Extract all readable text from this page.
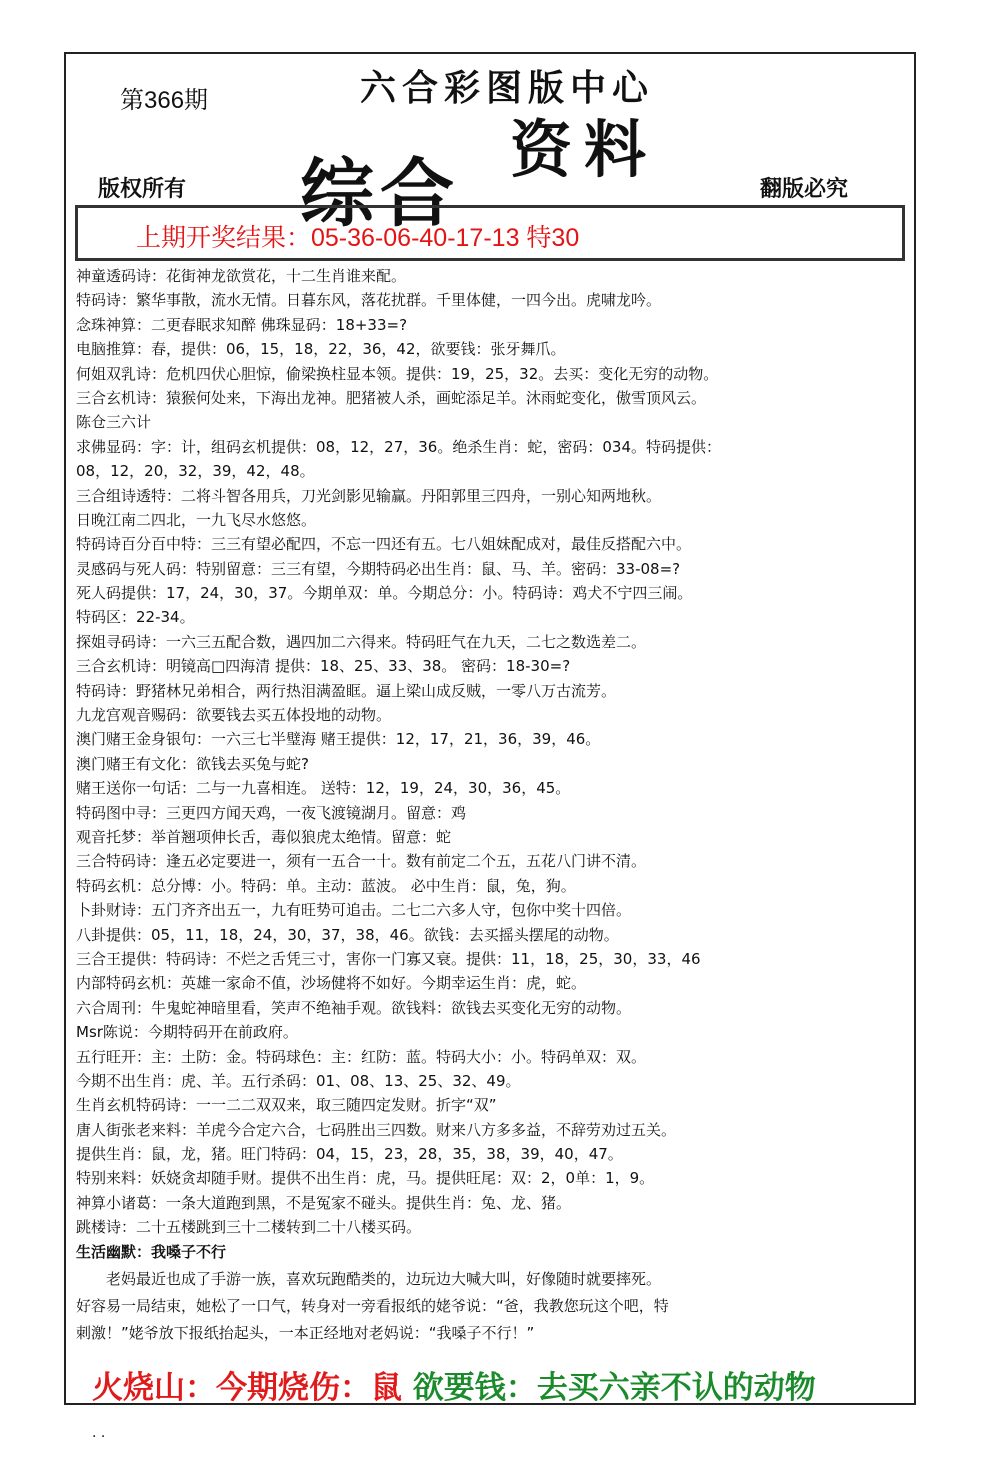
第366期	六合彩图版中心
综合
资料
版权所有	翻版必究
上期开奖结果：05-36-06-40-17-13 特30
神童透码诗：花街神龙欲赏花，十二生肖谁来配。
特码诗：繁华事散，流水无情。日暮东风，落花扰群。千里体健，一四今出。虎啸龙吟。
念珠神算：二更春眠求知醉 佛珠显码：18+33=?
电脑推算：春，提供：06，15，18，22，36，42，欲要钱：张牙舞爪。
何姐双乳诗：危机四伏心胆惊，偷梁换柱显本领。提供：19，25，32。去买：变化无穷的动物。
三合玄机诗：猿猴何处来，下海出龙神。肥猪被人杀，画蛇添足羊。沐雨蛇变化，傲雪顶风云。
陈仓三六计
求佛显码：字：计，组码玄机提供：08，12，27，36。绝杀生肖：蛇，密码：034。特码提供：
08，12，20，32，39，42，48。
三合组诗透特：二将斗智各用兵，刀光剑影见输赢。丹阳郭里三四舟，一别心知两地秋。
日晚江南二四北，一九飞尽水悠悠。
特码诗百分百中特：三三有望必配四，不忘一四还有五。七八姐妹配成对，最佳反搭配六中。
灵感码与死人码：特别留意：三三有望，今期特码必出生肖：鼠、马、羊。密码：33-08=?
死人码提供：17，24，30，37。今期单双：单。今期总分：小。特码诗：鸡犬不宁四三闹。
特码区：22-34。
探姐寻码诗：一六三五配合数，遇四加二六得来。特码旺气在九天，二七之数选差二。
三合玄机诗：明镜高□四海清 提供：18、25、33、38。 密码：18-30=?
特码诗：野猪林兄弟相合，两行热泪满盈眶。逼上梁山成反贼，一零八万古流芳。
九龙宫观音赐码：欲要钱去买五体投地的动物。
澳门赌王金身银句：一六三七半璧海 赌王提供：12，17，21，36，39，46。
澳门赌王有文化：欲钱去买兔与蛇?
赌王送你一句话：二与一九喜相连。 送特：12，19，24，30，36，45。
特码图中寻：三更四方闻天鸡，一夜飞渡镜湖月。留意：鸡
观音托梦：举首翘项伸长舌，毒似狼虎太绝情。留意：蛇
三合特码诗：逢五必定要进一，须有一五合一十。数有前定二个五，五花八门讲不清。
特码玄机：总分博：小。特码：单。主动：蓝波。 必中生肖：鼠，兔，狗。
卜卦财诗：五门齐齐出五一，九有旺势可追击。二七二六多人守，包你中奖十四倍。
八卦提供：05，11，18，24，30，37，38，46。欲钱：去买摇头摆尾的动物。
三合王提供：特码诗：不烂之舌凭三寸，害你一门寡又衰。提供：11，18，25，30，33，46
内部特码玄机：英雄一家命不值，沙场健将不如好。今期幸运生肖：虎，蛇。
六合周刊：牛鬼蛇神暗里看，笑声不绝袖手观。欲钱料：欲钱去买变化无穷的动物。
Msr陈说：今期特码开在前政府。
五行旺开：主：土防：金。特码球色：主：红防：蓝。特码大小：小。特码单双：双。
今期不出生肖：虎、羊。五行杀码：01、08、13、25、32、49。
生肖玄机特码诗：一一二二双双来，取三随四定发财。折字“双”
唐人街张老来料：羊虎今合定六合，七码胜出三四数。财来八方多多益，不辞劳劝过五关。
提供生肖：鼠，龙，猪。旺门特码：04，15，23，28，35，38，39，40，47。
特别来料：妖娆贪却随手财。提供不出生肖：虎，马。提供旺尾：双：2，0单：1，9。
神算小诸葛：一条大道跑到黑，不是冤家不碰头。提供生肖：兔、龙、猪。
跳楼诗：二十五楼跳到三十二楼转到二十八楼买码。
生活幽默：我嗓子不行

　　老妈最近也成了手游一族，喜欢玩跑酷类的，边玩边大喊大叫，好像随时就要摔死。

好容易一局结束，她松了一口气，转身对一旁看报纸的姥爷说：“爸，我教您玩这个吧，特

刺激！”姥爷放下报纸抬起头，一本正经地对老妈说：“我嗓子不行！”

火烧山：今期烧伤：鼠 欲要钱：去买六亲不认的动物
. .
